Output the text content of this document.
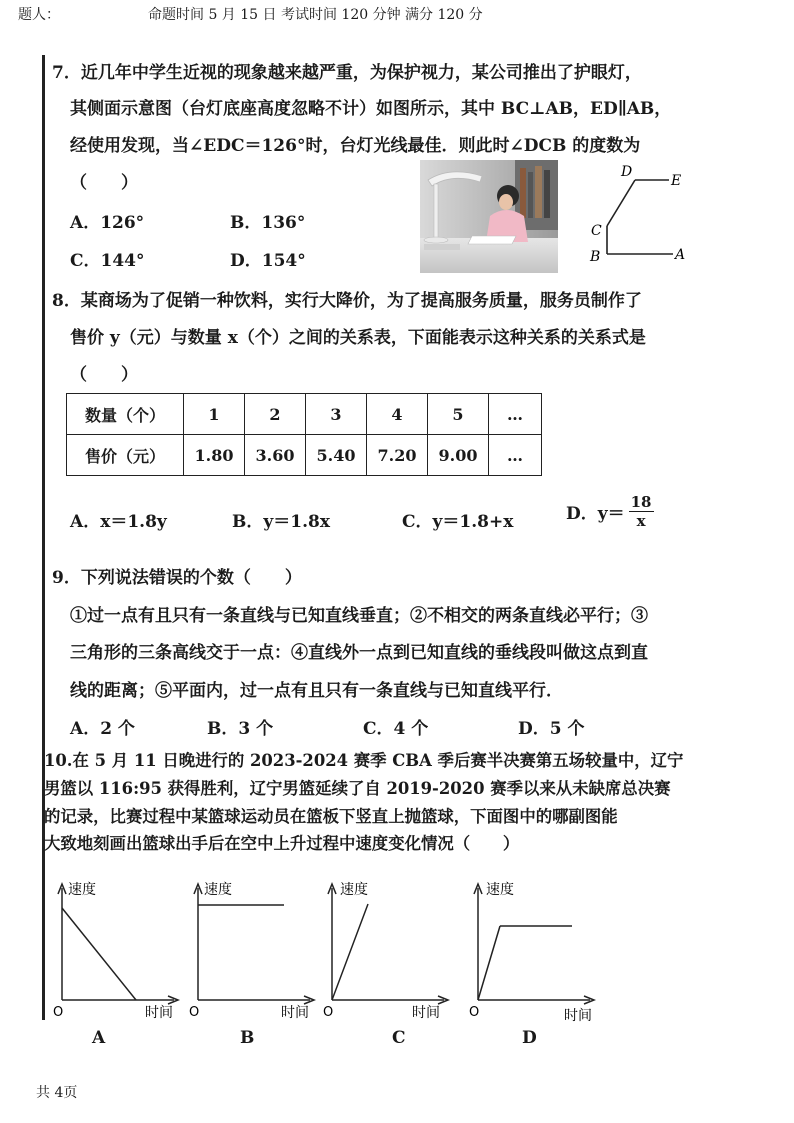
题人：	命题时间 5 月 15 日 考试时间 120 分钟 满分 120 分
7．近几年中学生近视的现象越来越严重，为保护视力，某公司推出了护眼灯，
其侧面示意图（台灯底座高度忽略不计）如图所示，其中 BC⊥AB，ED∥AB，
经使用发现，当∠EDC＝126°时，台灯光线最佳．则此时∠DCB 的度数为
（　　）
A．126°	B．136°
C．144°	D．154°
D
E
C
B	A
8．某商场为了促销一种饮料，实行大降价，为了提高服务质量，服务员制作了
售价 y（元）与数量 x（个）之间的关系表，下面能表示这种关系的关系式是
（　　）
数量（个）	1	2	3	4	5	…
售价（元）	1.80	3.60	5.40	7.20	9.00	…
A．x＝1.8y	B．y＝1.8x	C．y＝1.8+x	D．$y= \frac{18}{x}$
9．下列说法错误的个数（　　）
①过一点有且只有一条直线与已知直线垂直；②不相交的两条直线必平行；③
三角形的三条高线交于一点：④直线外一点到已知直线的垂线段叫做这点到直
线的距离；⑤平面内，过一点有且只有一条直线与已知直线平行．
A．2 个	B．3 个	C．4 个	D．5 个
10.在 5 月 11 日晚进行的 2023-2024 赛季 CBA 季后赛半决赛第五场较量中，辽宁
男篮以 116:95 获得胜利，辽宁男篮延续了自 2019-2020 赛季以来从未缺席总决赛
的记录，比赛过程中某篮球运动员在篮板下竖直上抛篮球，下面图中的哪副图能
大致地刻画出篮球出手后在空中上升过程中速度变化情况（　　）
速度
时间
O
A
速度
时间
O
B
速度
时间
O
C
速度
时间
O
D
共 4页
